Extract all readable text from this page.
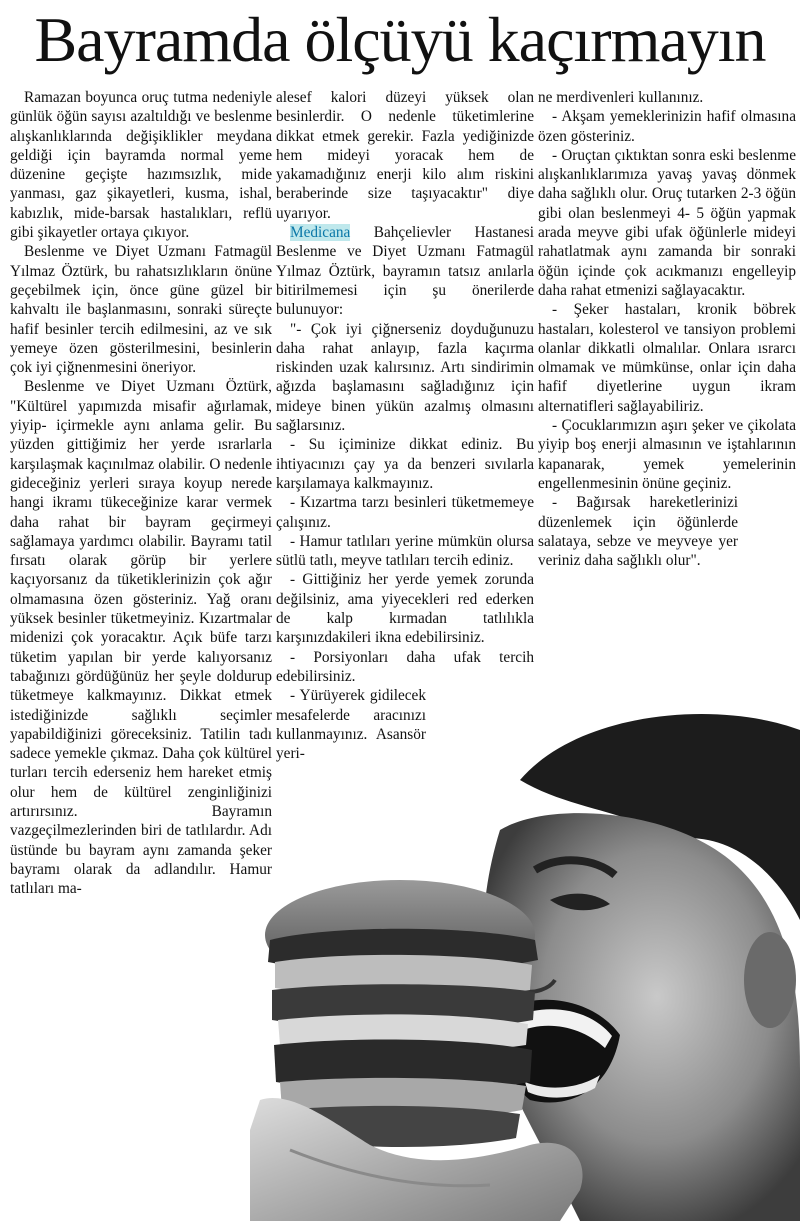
Bayramda ölçüyü kaçırmayın

Ramazan boyunca oruç tutma nedeniyle günlük öğün sayısı azaltıldığı ve beslenme alışkanlıklarında değişiklikler meydana geldiği için bayramda normal yeme düzenine geçişte hazımsızlık, mide yanması, gaz şikayetleri, kusma, ishal, kabızlık, mide-barsak hastalıkları, reflü gibi şikayetler ortaya çıkıyor.

Beslenme ve Diyet Uzmanı Fatmagül Yılmaz Öztürk, bu rahatsızlıkların önüne geçebilmek için, önce güne güzel bir kahvaltı ile başlanmasını, sonraki süreçte hafif besinler tercih edilmesini, az ve sık yemeye özen gösterilmesini, besinlerin çok iyi çiğnenmesini öneriyor.

Beslenme ve Diyet Uzmanı Öztürk, "Kültürel yapımızda misafir ağırlamak, yiyip- içirmekle aynı anlama gelir. Bu yüzden gittiğimiz her yerde ısrarlarla karşılaşmak kaçınılmaz olabilir. O nedenle gideceğiniz yerleri sıraya koyup nerede hangi ikramı tükeceğinize karar vermek daha rahat bir bayram geçirmeyi sağlamaya yardımcı olabilir. Bayramı tatil fırsatı olarak görüp bir yerlere kaçıyorsanız da tüketiklerinizin çok ağır olmamasına özen gösteriniz. Yağ oranı yüksek besinler tüketmeyiniz. Kızartmalar midenizi çok yoracaktır. Açık büfe tarzı tüketim yapılan bir yerde kalıyorsanız tabağınızı gördüğünüz her şeyle doldurup tüketmeye kalkmayınız. Dikkat etmek istediğinizde sağlıklı seçimler yapabildiğinizi göreceksiniz. Tatilin tadı sadece yemekle çıkmaz. Daha çok kültürel turları tercih ederseniz hem hareket etmiş olur hem de kültürel zenginliğinizi artırırsınız. Bayramın vazgeçilmezlerinden biri de tatlılardır. Adı üstünde bu bayram aynı zamanda şeker bayramı olarak da adlandılır. Hamur tatlıları ma-

alesef kalori düzeyi yüksek olan besinlerdir. O nedenle tüketimlerine dikkat etmek gerekir. Fazla yediğinizde hem mideyi yoracak hem de yakamadığınız enerji kilo alım riskini beraberinde size taşıyacaktır" diye uyarıyor.

Medicana Bahçelievler Hastanesi Beslenme ve Diyet Uzmanı Fatmagül Yılmaz Öztürk, bayramın tatsız anılarla bitirilmemesi için şu önerilerde bulunuyor:

"- Çok iyi çiğnerseniz doyduğunuzu daha rahat anlayıp, fazla kaçırma riskinden uzak kalırsınız. Artı sindirimin ağızda başlamasını sağladığınız için mideye binen yükün azalmış olmasını sağlarsınız.

- Su içiminize dikkat ediniz. Bu ihtiyacınızı çay ya da benzeri sıvılarla karşılamaya kalkmayınız.

- Kızartma tarzı besinleri tüketmemeye çalışınız.

- Hamur tatlıları yerine mümkün olursa sütlü tatlı, meyve tatlıları tercih ediniz.

- Gittiğiniz her yerde yemek zorunda değilsiniz, ama yiyecekleri red ederken de kalp kırmadan tatlılıkla karşınızdakileri ikna edebilirsiniz.

- Porsiyonları daha ufak tercih edebilirsiniz.

- Yürüyerek gidilecek mesafelerde aracınızı kullanmayınız. Asansör yeri-

ne merdivenleri kullanınız.

- Akşam yemeklerinizin hafif olmasına özen gösteriniz.

- Oruçtan çıktıktan sonra eski beslenme alışkanlıklarımıza yavaş yavaş dönmek daha sağlıklı olur. Oruç tutarken 2-3 öğün gibi olan beslenmeyi 4- 5 öğün yapmak arada meyve gibi ufak öğünlerle mideyi rahatlatmak aynı zamanda bir sonraki öğün içinde çok acıkmanızı engelleyip daha rahat etmenizi sağlayacaktır.

- Şeker hastaları, kronik böbrek hastaları, kolesterol ve tansiyon problemi olanlar dikkatli olmalılar. Onlara ısrarcı olmamak ve mümkünse, onlar için daha hafif diyetlerine uygun ikram alternatifleri sağlayabiliriz.

- Çocuklarımızın aşırı şeker ve çikolata yiyip boş enerji almasının ve iştahlarının kapanarak, yemek yemelerinin engellenmesinin önüne geçiniz.

- Bağırsak hareketlerinizi düzenlemek için öğünlerde salataya, sebze ve meyveye yer veriniz daha sağlıklı olur".
